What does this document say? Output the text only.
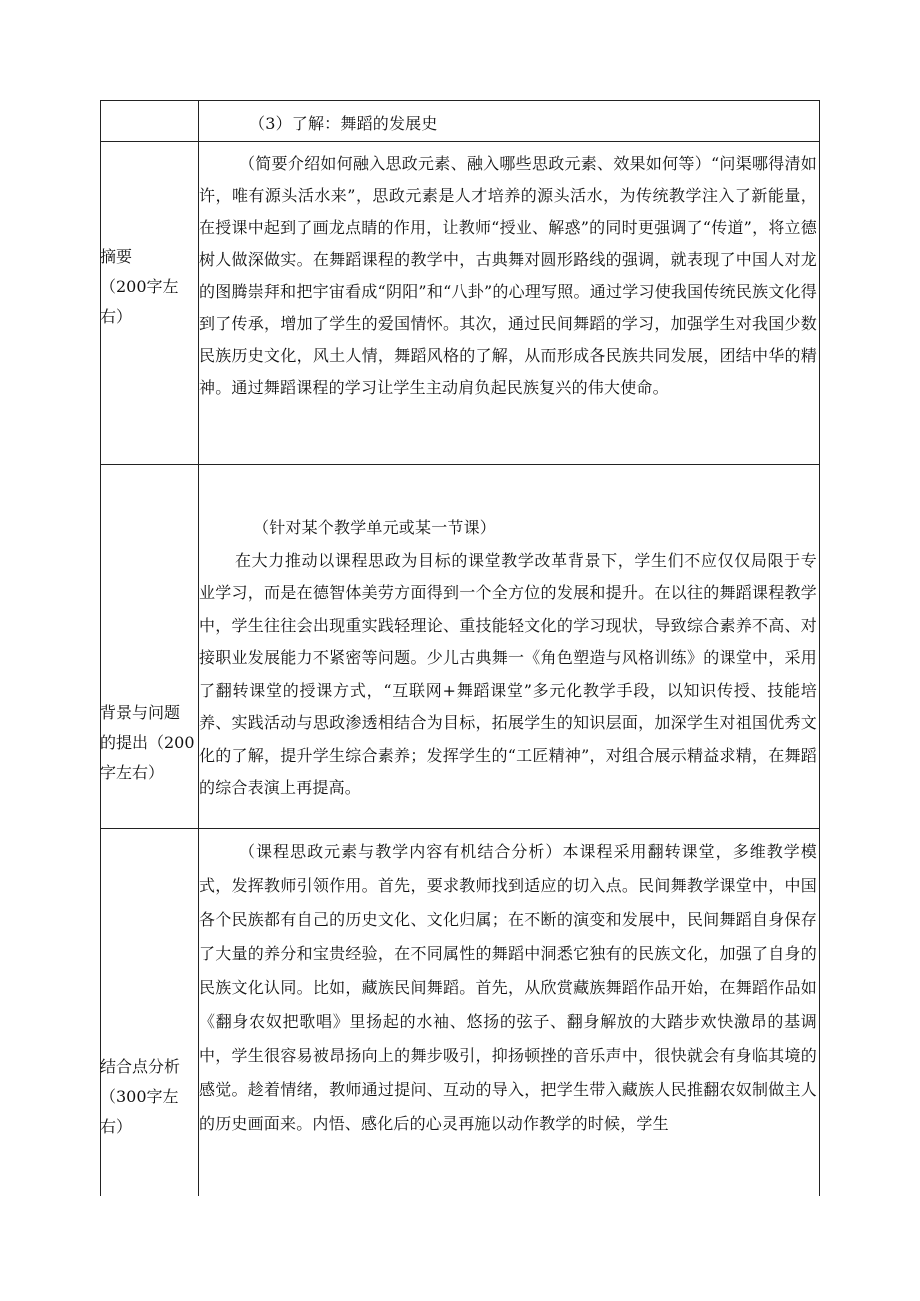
（3）了解：舞蹈的发展史

摘要

（200字左

右）

（简要介绍如何融入思政元素、融入哪些思政元素、效果如何等）“问渠哪得清如许，唯有源头活水来”，思政元素是人才培养的源头活水，为传统教学注入了新能量，在授课中起到了画龙点睛的作用，让教师“授业、解惑”的同时更强调了“传道”，将立德树人做深做实。在舞蹈课程的教学中，古典舞对圆形路线的强调，就表现了中国人对龙的图腾崇拜和把宇宙看成“阴阳”和“八卦”的心理写照。通过学习使我国传统民族文化得到了传承，增加了学生的爱国情怀。其次，通过民间舞蹈的学习，加强学生对我国少数民族历史文化，风土人情，舞蹈风格的了解，从而形成各民族共同发展，团结中华的精神。通过舞蹈课程的学习让学生主动肩负起民族复兴的伟大使命。

背景与问题

的提出（200

字左右）

（针对某个教学单元或某一节课）

在大力推动以课程思政为目标的课堂教学改革背景下，学生们不应仅仅局限于专业学习，而是在德智体美劳方面得到一个全方位的发展和提升。在以往的舞蹈课程教学中，学生往往会出现重实践轻理论、重技能轻文化的学习现状，导致综合素养不高、对接职业发展能力不紧密等问题。少儿古典舞一《角色塑造与风格训练》的课堂中，采用了翻转课堂的授课方式，“互联网+舞蹈课堂”多元化教学手段，以知识传授、技能培养、实践活动与思政渗透相结合为目标，拓展学生的知识层面，加深学生对祖国优秀文化的了解，提升学生综合素养；发挥学生的“工匠精神”，对组合展示精益求精，在舞蹈的综合表演上再提高。

结合点分析

（300字左

右）

（课程思政元素与教学内容有机结合分析）本课程采用翻转课堂，多维教学模式，发挥教师引领作用。首先，要求教师找到适应的切入点。民间舞教学课堂中，中国各个民族都有自己的历史文化、文化归属；在不断的演变和发展中，民间舞蹈自身保存了大量的养分和宝贵经验，在不同属性的舞蹈中洞悉它独有的民族文化，加强了自身的民族文化认同。比如，藏族民间舞蹈。首先，从欣赏藏族舞蹈作品开始，在舞蹈作品如《翻身农奴把歌唱》里扬起的水袖、悠扬的弦子、翻身解放的大踏步欢快激昂的基调中，学生很容易被昂扬向上的舞步吸引，抑扬顿挫的音乐声中，很快就会有身临其境的感觉。趁着情绪，教师通过提问、互动的导入，把学生带入藏族人民推翻农奴制做主人的历史画面来。内悟、感化后的心灵再施以动作教学的时候，学生
